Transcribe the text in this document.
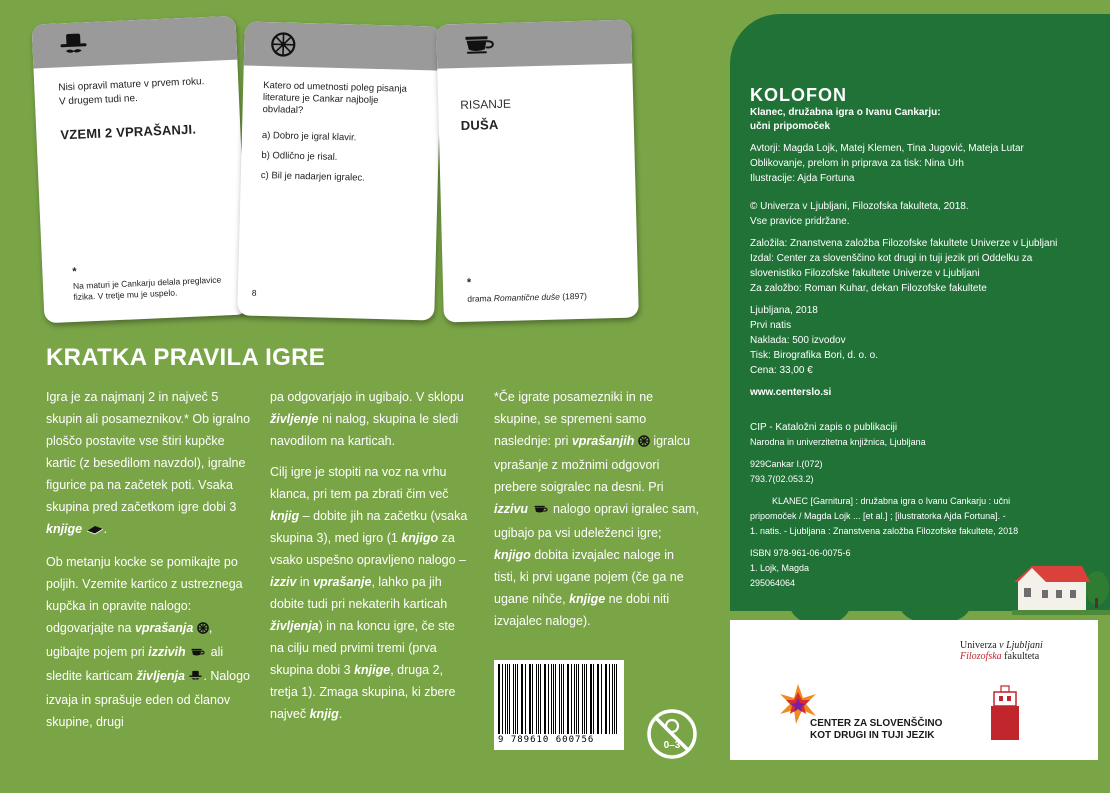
Nisi opravil mature v prvem roku.
V drugem tudi ne.
VZEMI 2 VPRAŠANJI.
*
Na maturi je Cankarju delala preglavice
fizika. V tretje mu je uspelo.
Katero od umetnosti poleg pisanja
literature je Cankar najbolje
obvladal?
a) Dobro je igral klavir.
b) Odlično je risal.
c) Bil je nadarjen igralec.
8
RISANJE
DUŠA
*
drama Romantične duše (1897)
KRATKA PRAVILA IGRE

Igra je za najmanj 2 in največ 5 skupin ali posameznikov.* Ob igralno ploščo postavite vse štiri kupčke kartic (z besedilom navzdol), igralne figurice pa na začetek poti. Vsaka skupina pred začetkom igre dobi 3 knjige .

Ob metanju kocke se pomikajte po poljih. Vzemite kartico z ustreznega kupčka in opravite nalogo: odgovarjajte na vprašanja , ugibajte pojem pri izzivih  ali sledite karticam življenja . Nalogo izvaja in sprašuje eden od članov skupine, drugi

pa odgovarjajo in ugibajo. V sklopu življenje ni nalog, skupina le sledi navodilom na karticah.

Cilj igre je stopiti na voz na vrhu klanca, pri tem pa zbrati čim več knjig – dobite jih na začetku (vsaka skupina 3), med igro (1 knjigo za vsako uspešno opravljeno nalogo – izziv in vprašanje, lahko pa jih dobite tudi pri nekaterih karticah življenja) in na koncu igre, če ste na cilju med prvimi tremi (prva skupina dobi 3 knjige, druga 2, tretja 1). Zmaga skupina, ki zbere največ knjig.

*Če igrate posamezniki in ne skupine, se spremeni samo naslednje: pri vprašanjih  igralcu vprašanje z možnimi odgovori prebere soigralec na desni. Pri izzivu  nalogo opravi igralec sam, ugibajo pa vsi udeleženci igre; knjigo dobita izvajalec naloge in tisti, ki prvi ugane pojem (če ga ne ugane nihče, knjige ne dobi niti izvajalec naloge).

9 789610 600756	0–3
KOLOFON
Klanec, družabna igra o Ivanu Cankarju:
učni pripomoček
Avtorji: Magda Lojk, Matej Klemen, Tina Jugović, Mateja Lutar
Oblikovanje, prelom in priprava za tisk: Nina Urh
Ilustracije: Ajda Fortuna
© Univerza v Ljubljani, Filozofska fakulteta, 2018.
Vse pravice pridržane.
Založila: Znanstvena založba Filozofske fakultete Univerze v Ljubljani
Izdal: Center za slovenščino kot drugi in tuji jezik pri Oddelku za
slovenistiko Filozofske fakultete Univerze v Ljubljani
Za založbo: Roman Kuhar, dekan Filozofske fakultete
Ljubljana, 2018
Prvi natis
Naklada: 500 izvodov
Tisk: Birografika Bori, d. o. o.
Cena: 33,00 €
www.centerslo.si
CIP - Kataložni zapis o publikaciji
Narodna in univerzitetna knjižnica, Ljubljana
929Cankar I.(072)
793.7(02.053.2)
KLANEC [Garnitura] : družabna igra o Ivanu Cankarju : učni
pripomoček / Magda Lojk ... [et al.] ; [ilustratorka Ajda Fortuna]. -
1. natis. - Ljubljana : Znanstvena založba Filozofske fakultete, 2018
ISBN 978-961-06-0075-6
1. Lojk, Magda
295064064
Univerza v Ljubljani
Filozofska fakulteta
CENTER ZA SLOVENŠČINO
KOT DRUGI IN TUJI JEZIK
